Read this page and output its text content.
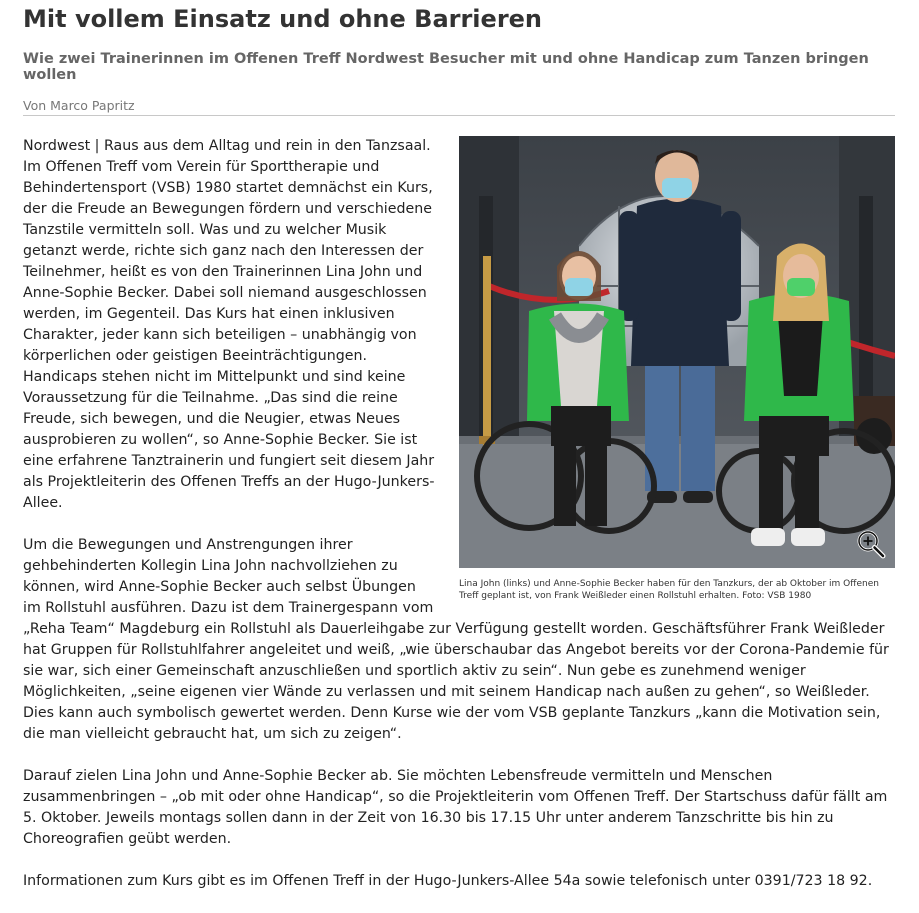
Mit vollem Einsatz und ohne Barrieren
Wie zwei Trainerinnen im Offenen Treff Nordwest Besucher mit und ohne Handicap zum Tanzen bringen wollen
Von Marco Papritz
Lina John (links) und Anne-Sophie Becker haben für den Tanzkurs, der ab Oktober im Offenen Treff geplant ist, von Frank Weißleder einen Rollstuhl erhalten. Foto: VSB 1980

Nordwest | Raus aus dem Alltag und rein in den Tanzsaal. Im Offenen Treff vom Verein für Sporttherapie und Behindertensport (VSB) 1980 startet demnächst ein Kurs, der die Freude an Bewegungen fördern und verschiedene Tanzstile vermitteln soll. Was und zu welcher Musik getanzt werde, richte sich ganz nach den Interessen der Teilnehmer, heißt es von den Trainerinnen Lina John und Anne-Sophie Becker. Dabei soll niemand ausgeschlossen werden, im Gegenteil. Das Kurs hat einen inklusiven Charakter, jeder kann sich beteiligen – unabhängig von körperlichen oder geistigen Beeinträchtigungen. Handicaps stehen nicht im Mittelpunkt und sind keine Voraussetzung für die Teilnahme. „Das sind die reine Freude, sich bewegen, und die Neugier, etwas Neues ausprobieren zu wollen“, so Anne-Sophie Becker. Sie ist eine erfahrene Tanztrainerin und fungiert seit diesem Jahr als Projektleiterin des Offenen Treffs an der Hugo-Junkers-Allee.

Um die Bewegungen und Anstrengungen ihrer gehbehinderten Kollegin Lina John nachvollziehen zu können, wird Anne-Sophie Becker auch selbst Übungen im Rollstuhl ausführen. Dazu ist dem Trainergespann vom „Reha Team“ Magdeburg ein Rollstuhl als Dauerleihgabe zur Verfügung gestellt worden. Geschäftsführer Frank Weißleder hat Gruppen für Rollstuhlfahrer angeleitet und weiß, „wie überschaubar das Angebot bereits vor der Corona-Pandemie für sie war, sich einer Gemeinschaft anzuschließen und sportlich aktiv zu sein“. Nun gebe es zunehmend weniger Möglichkeiten, „seine eigenen vier Wände zu verlassen und mit seinem Handicap nach außen zu gehen“, so Weißleder. Dies kann auch symbolisch gewertet werden. Denn Kurse wie der vom VSB geplante Tanzkurs „kann die Motivation sein, die man vielleicht gebraucht hat, um sich zu zeigen“.

Darauf zielen Lina John und Anne-Sophie Becker ab. Sie möchten Lebensfreude vermitteln und Menschen zusammenbringen – „ob mit oder ohne Handicap“, so die Projektleiterin vom Offenen Treff. Der Startschuss dafür fällt am 5. Oktober. Jeweils montags sollen dann in der Zeit von 16.30 bis 17.15 Uhr unter anderem Tanzschritte bis hin zu Choreografien geübt werden.

Informationen zum Kurs gibt es im Offenen Treff in der Hugo-Junkers-Allee 54a sowie telefonisch unter 0391/723 18 92.
